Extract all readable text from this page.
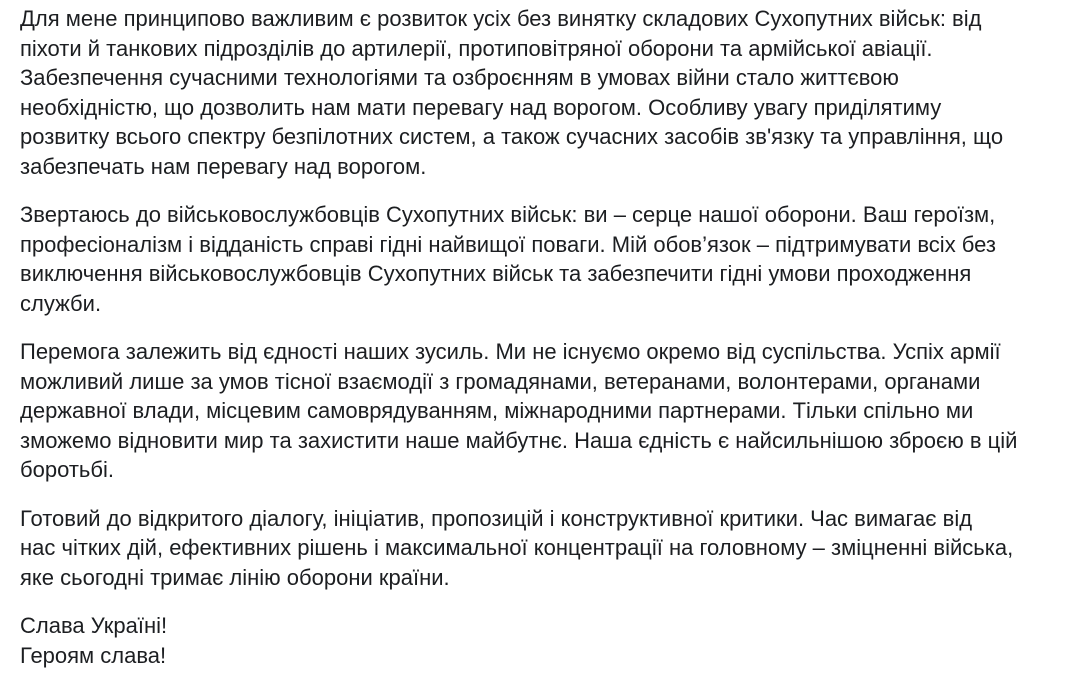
Для мене принципово важливим є розвиток усіх без винятку складових Сухопутних військ: від
піхоти й танкових підрозділів до артилерії, протиповітряної оборони та армійської авіації.
Забезпечення сучасними технологіями та озброєнням в умовах війни стало життєвою
необхідністю, що дозволить нам мати перевагу над ворогом. Особливу увагу приділятиму
розвитку всього спектру безпілотних систем, а також сучасних засобів зв'язку та управління, що
забезпечать нам перевагу над ворогом.

Звертаюсь до військовослужбовців Сухопутних військ: ви – серце нашої оборони. Ваш героїзм,
професіоналізм і відданість справі гідні найвищої поваги. Мій обов’язок – підтримувати всіх без
виключення військовослужбовців Сухопутних військ та забезпечити гідні умови проходження
служби.

Перемога залежить від єдності наших зусиль. Ми не існуємо окремо від суспільства. Успіх армії
можливий лише за умов тісної взаємодії з громадянами, ветеранами, волонтерами, органами
державної влади, місцевим самоврядуванням, міжнародними партнерами. Тільки спільно ми
зможемо відновити мир та захистити наше майбутнє. Наша єдність є найсильнішою зброєю в цій
боротьбі.

Готовий до відкритого діалогу, ініціатив, пропозицій і конструктивної критики. Час вимагає від
нас чітких дій, ефективних рішень і максимальної концентрації на головному – зміцненні війська,
яке сьогодні тримає лінію оборони країни.

Слава Україні!
Героям слава!
